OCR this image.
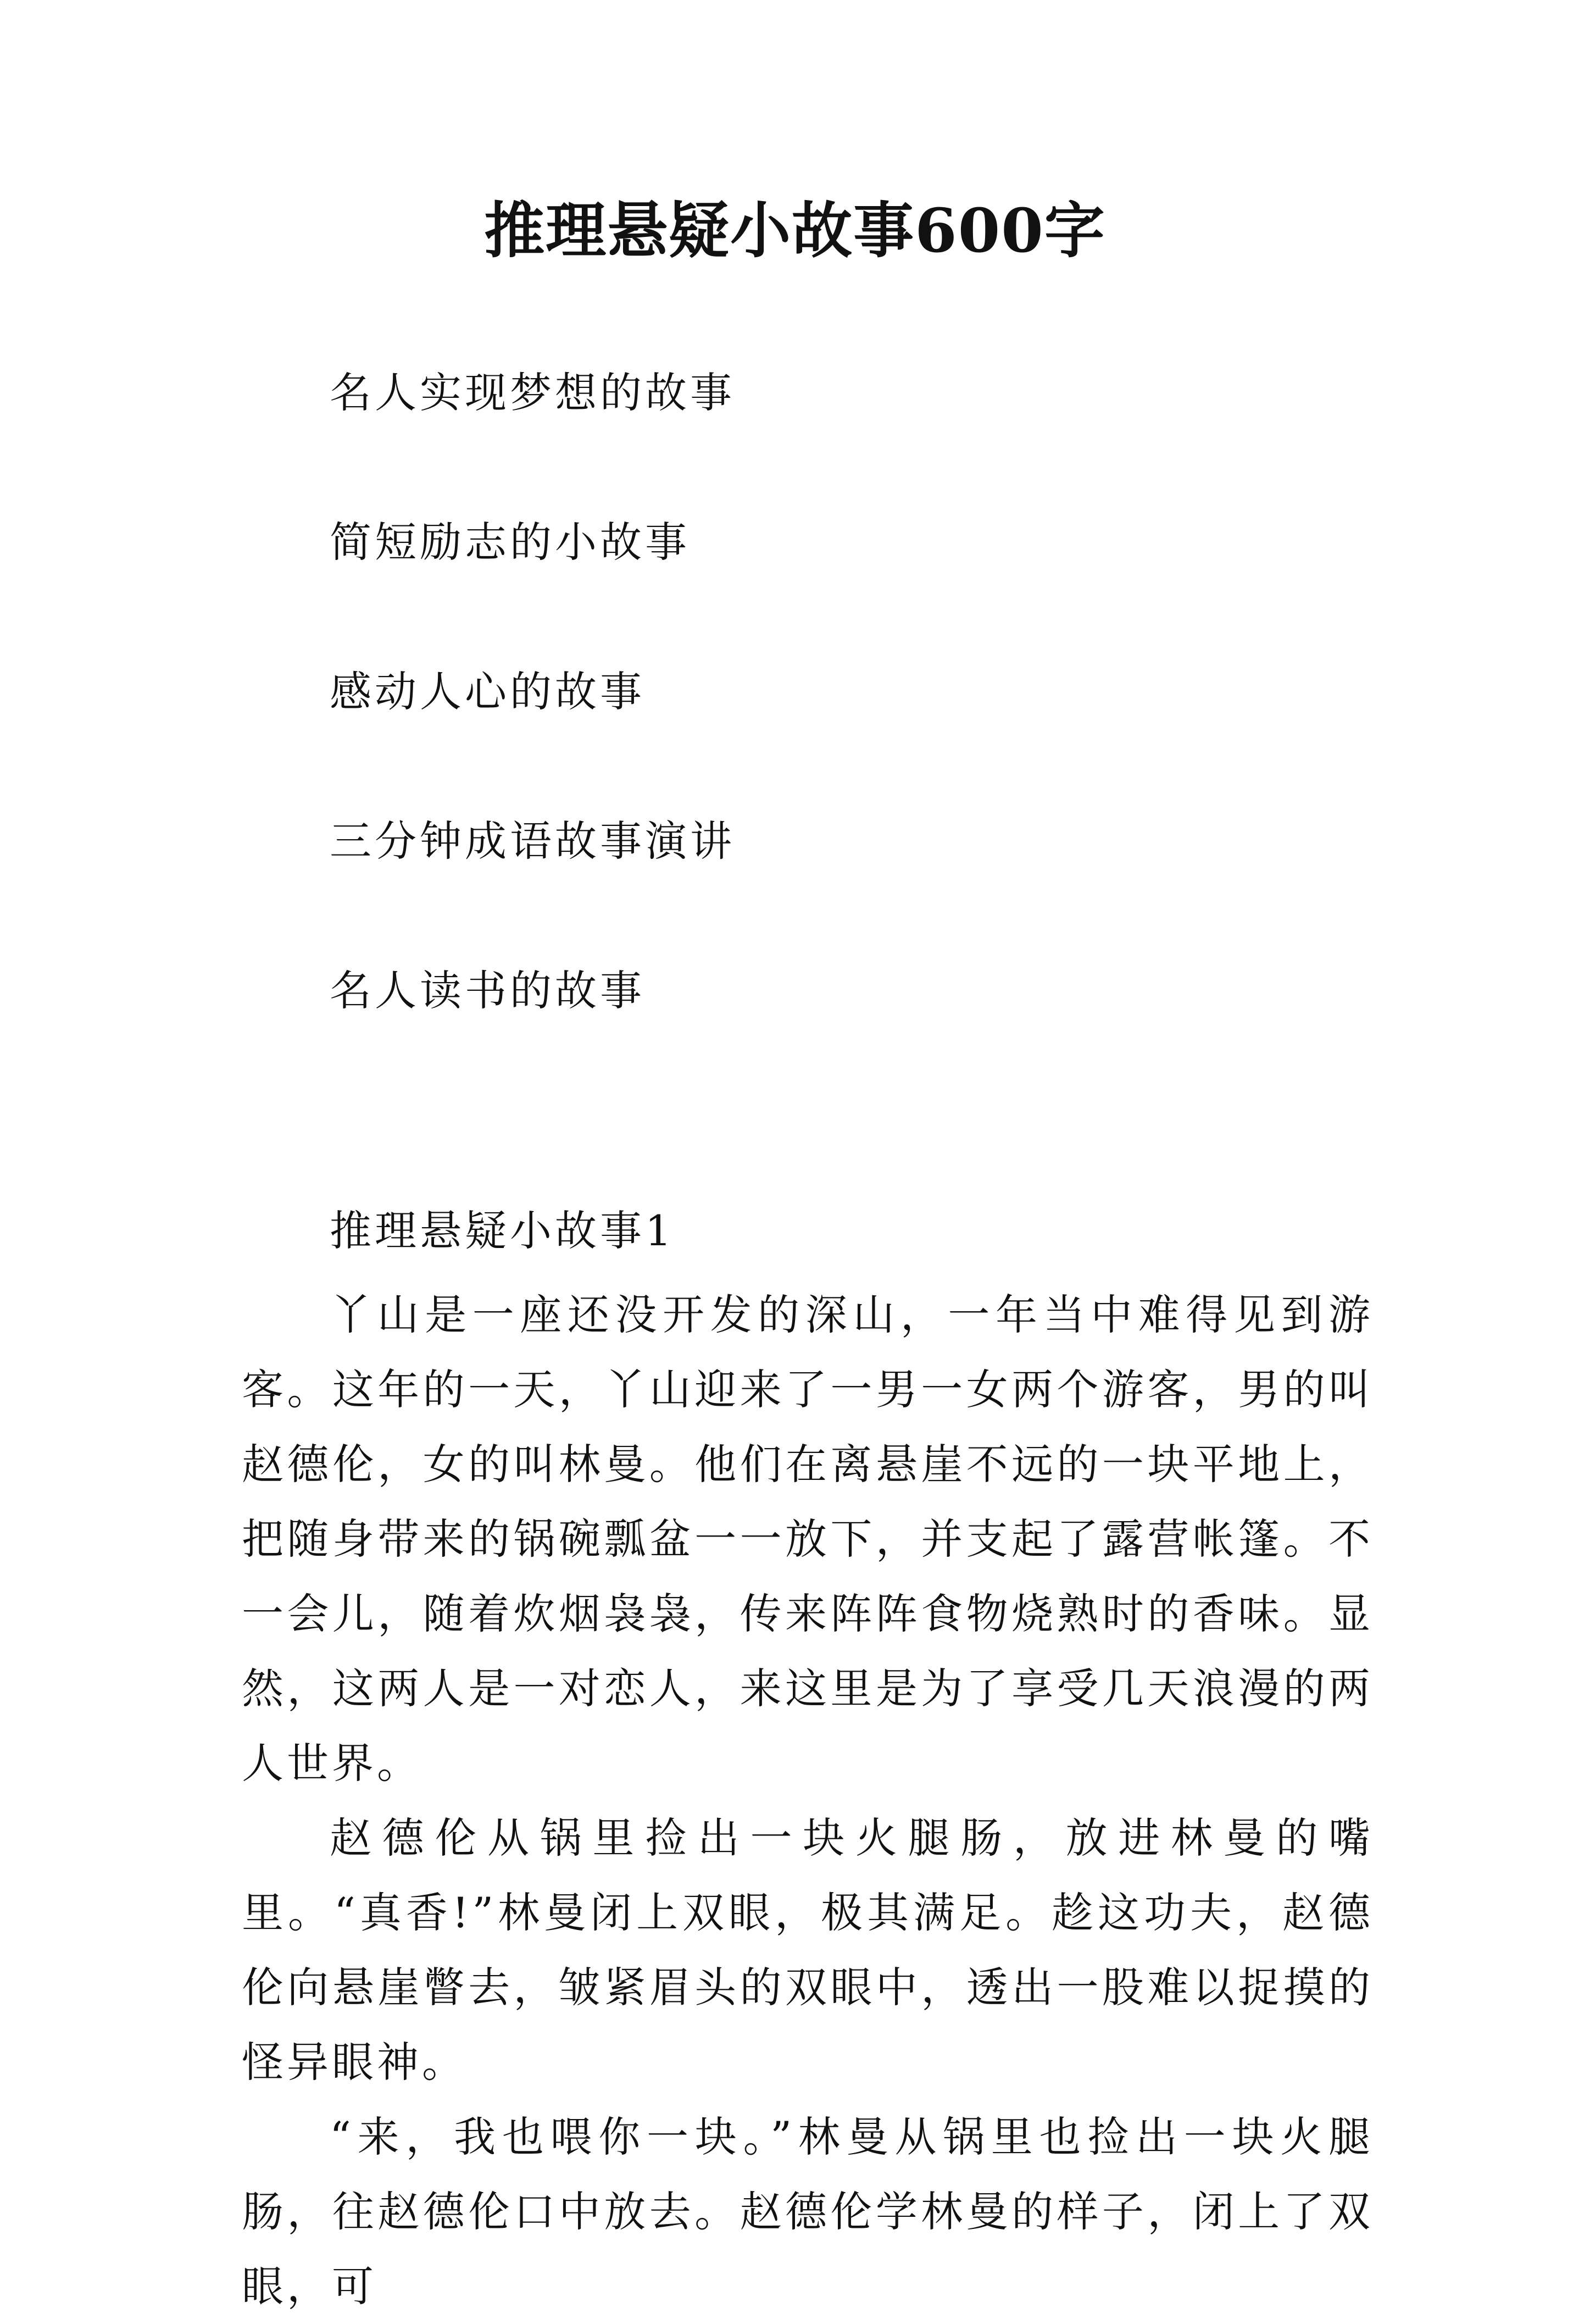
推理悬疑小故事600字
名人实现梦想的故事
简短励志的小故事
感动人心的故事
三分钟成语故事演讲
名人读书的故事
推理悬疑小故事1

丫山是一座还没开发的深山，一年当中难得见到游客。这年的一天，丫山迎来了一男一女两个游客，男的叫赵德伦，女的叫林曼。他们在离悬崖不远的一块平地上，把随身带来的锅碗瓢盆一一放下，并支起了露营帐篷。不一会儿，随着炊烟袅袅，传来阵阵食物烧熟时的香味。显然，这两人是一对恋人，来这里是为了享受几天浪漫的两人世界。

赵德伦从锅里捡出一块火腿肠，放进林曼的嘴里。“真香!”林曼闭上双眼，极其满足。趁这功夫，赵德伦向悬崖瞥去，皱紧眉头的双眼中，透出一股难以捉摸的怪异眼神。

“来，我也喂你一块。”林曼从锅里也捡出一块火腿肠，往赵德伦口中放去。赵德伦学林曼的样子，闭上了双眼，可
